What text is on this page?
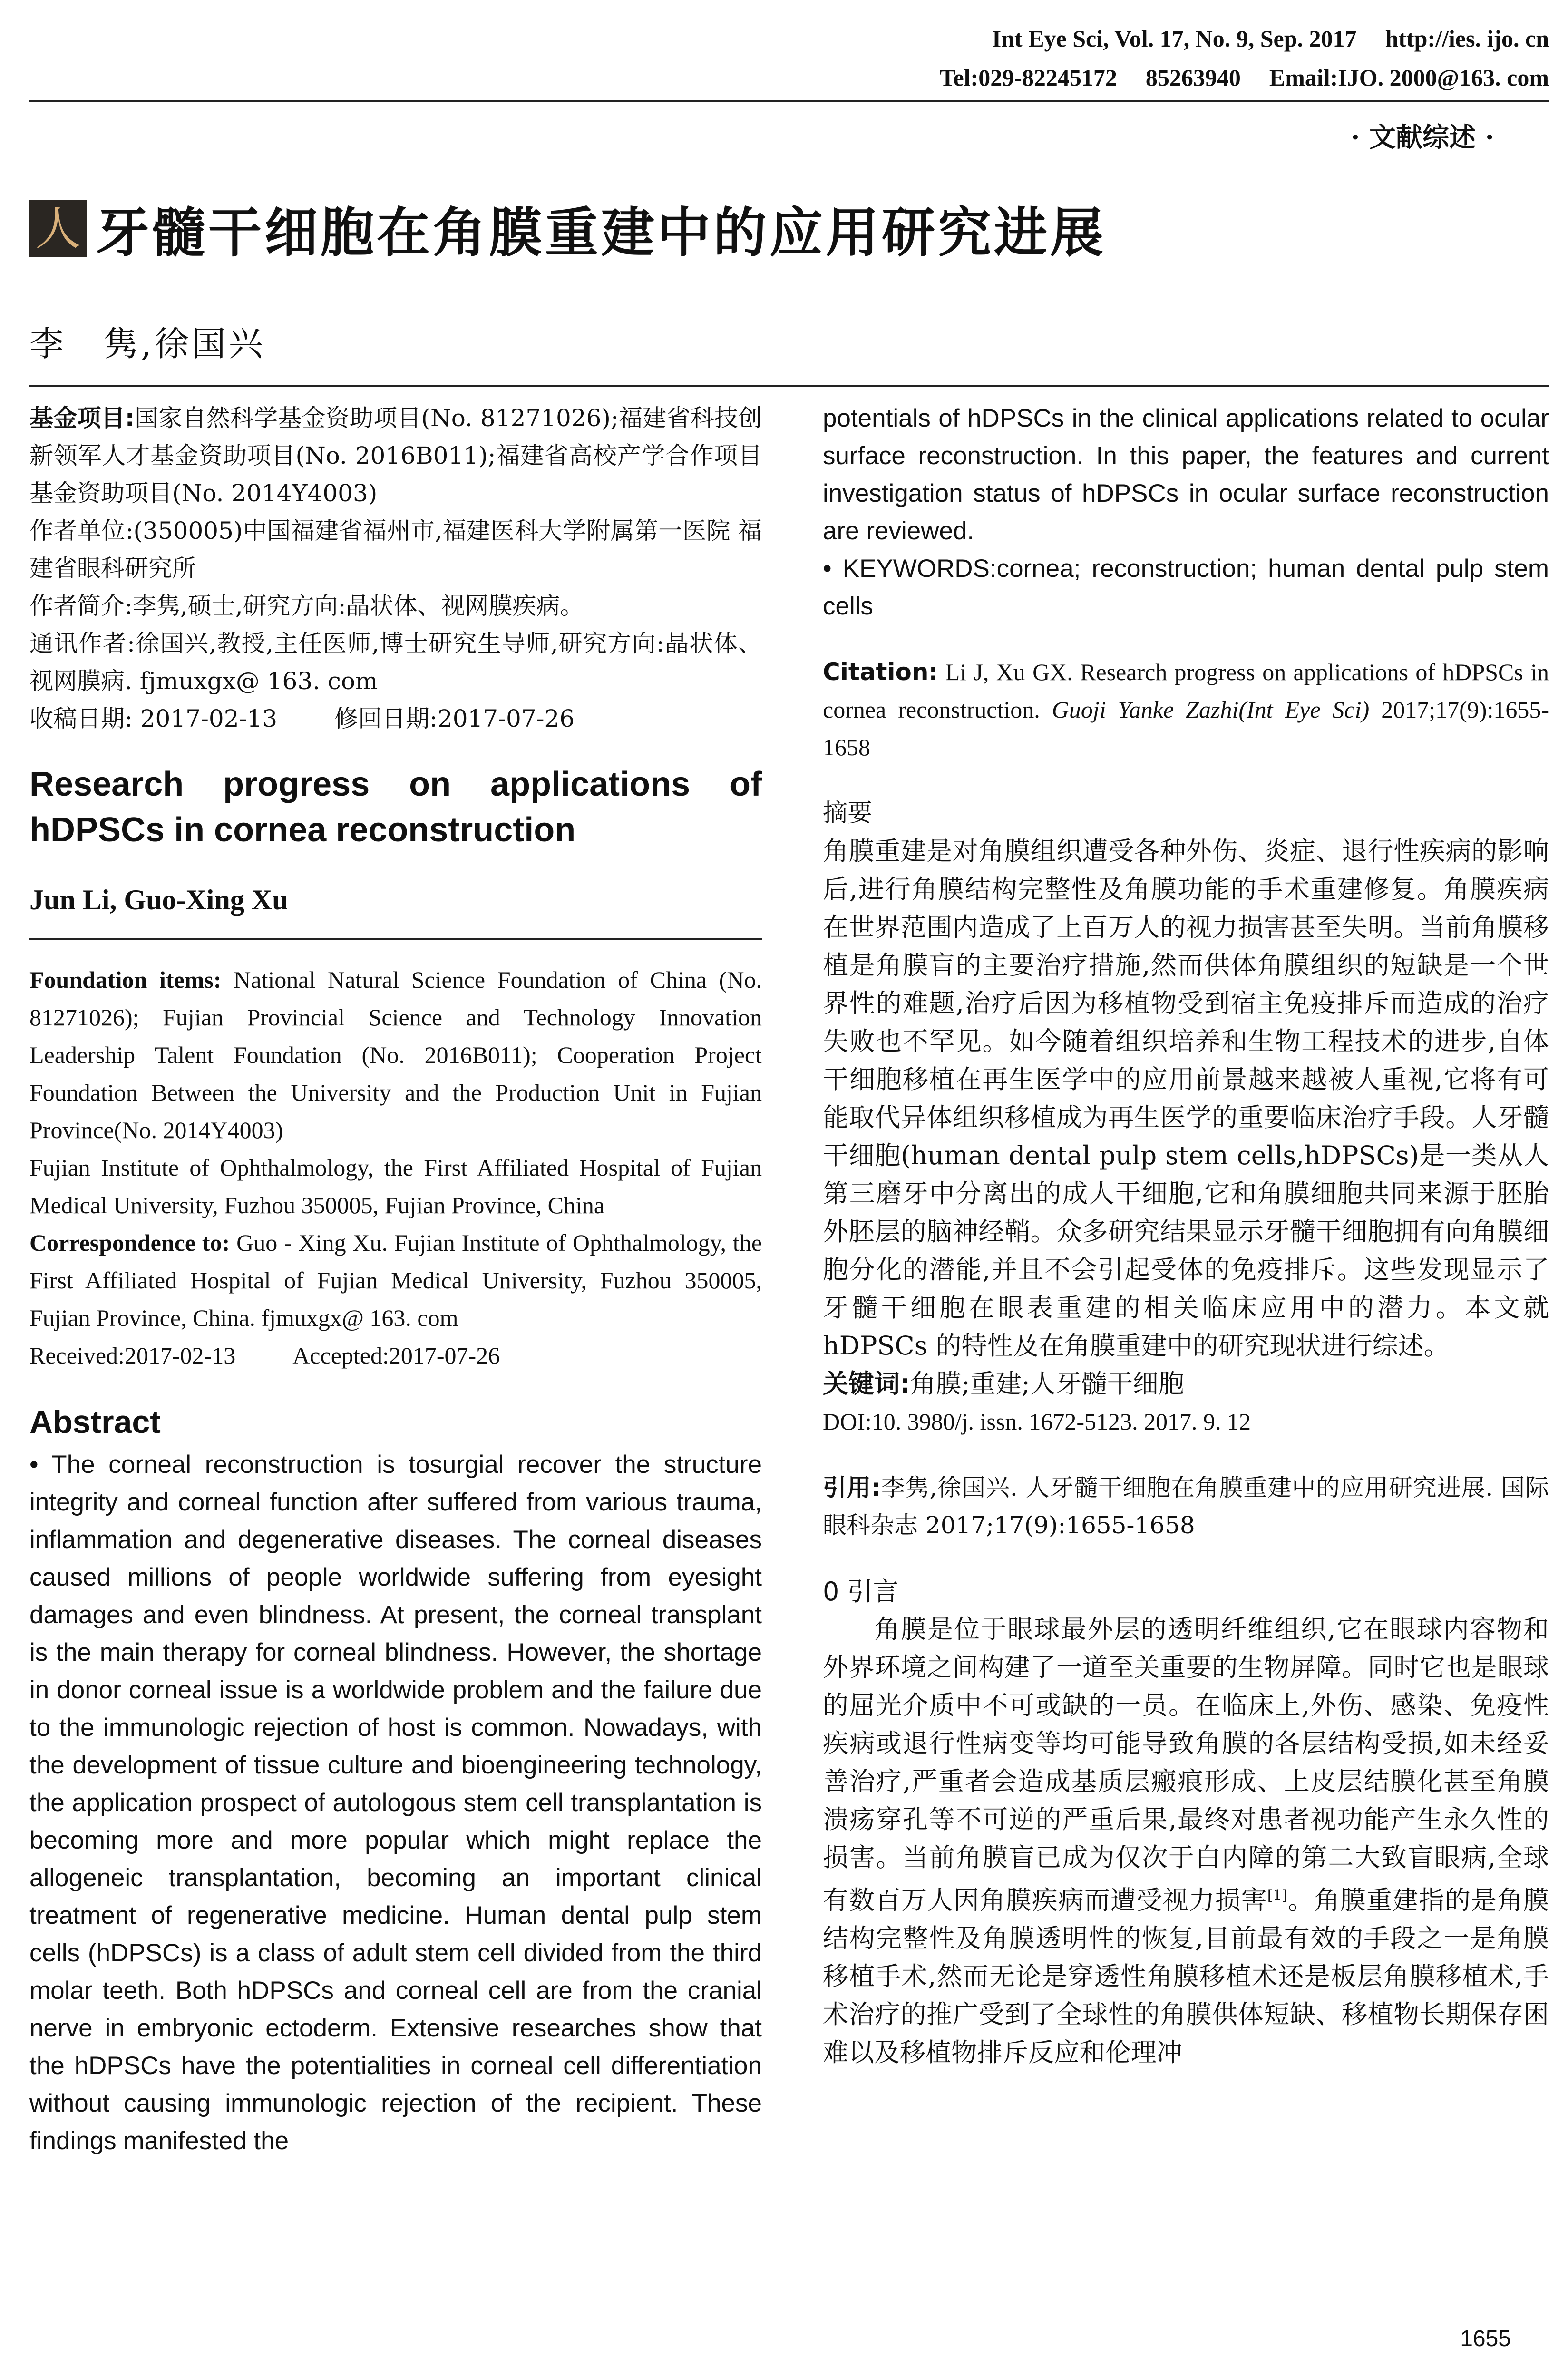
Int Eye Sci, Vol. 17, No. 9, Sep. 2017 http://ies. ijo. cn
Tel:029-82245172 85263940 Email:IJO. 2000@163. com
· 文献综述 ·
人 牙髓干细胞在角膜重建中的应用研究进展
李　隽,徐国兴

基金项目:国家自然科学基金资助项目(No. 81271026);福建省科技创新领军人才基金资助项目(No. 2016B011);福建省高校产学合作项目基金资助项目(No. 2014Y4003)

作者单位:(350005)中国福建省福州市,福建医科大学附属第一医院 福建省眼科研究所

作者简介:李隽,硕士,研究方向:晶状体、视网膜疾病。

通讯作者:徐国兴,教授,主任医师,博士研究生导师,研究方向:晶状体、视网膜病. fjmuxgx@ 163. com

收稿日期: 2017-02-13 修回日期:2017-07-26

Research progress on applications of hDPSCs in cornea reconstruction

Jun Li, Guo-Xing Xu

Foundation items: National Natural Science Foundation of China (No. 81271026); Fujian Provincial Science and Technology Innovation Leadership Talent Foundation (No. 2016B011); Cooperation Project Foundation Between the University and the Production Unit in Fujian Province(No. 2014Y4003)

Fujian Institute of Ophthalmology, the First Affiliated Hospital of Fujian Medical University, Fuzhou 350005, Fujian Province, China

Correspondence to: Guo - Xing Xu. Fujian Institute of Ophthalmology, the First Affiliated Hospital of Fujian Medical University, Fuzhou 350005, Fujian Province, China. fjmuxgx@ 163. com

Received:2017-02-13 Accepted:2017-07-26

Abstract

• The corneal reconstruction is tosurgial recover the structure integrity and corneal function after suffered from various trauma, inflammation and degenerative diseases. The corneal diseases caused millions of people worldwide suffering from eyesight damages and even blindness. At present, the corneal transplant is the main therapy for corneal blindness. However, the shortage in donor corneal issue is a worldwide problem and the failure due to the immunologic rejection of host is common. Nowadays, with the development of tissue culture and bioengineering technology, the application prospect of autologous stem cell transplantation is becoming more and more popular which might replace the allogeneic transplantation, becoming an important clinical treatment of regenerative medicine. Human dental pulp stem cells (hDPSCs) is a class of adult stem cell divided from the third molar teeth. Both hDPSCs and corneal cell are from the cranial nerve in embryonic ectoderm. Extensive researches show that the hDPSCs have the potentialities in corneal cell differentiation without causing immunologic rejection of the recipient. These findings manifested the

potentials of hDPSCs in the clinical applications related to ocular surface reconstruction. In this paper, the features and current investigation status of hDPSCs in ocular surface reconstruction are reviewed.

• KEYWORDS:cornea; reconstruction; human dental pulp stem cells

Citation: Li J, Xu GX. Research progress on applications of hDPSCs in cornea reconstruction. Guoji Yanke Zazhi(Int Eye Sci) 2017;17(9):1655-1658

摘要

角膜重建是对角膜组织遭受各种外伤、炎症、退行性疾病的影响后,进行角膜结构完整性及角膜功能的手术重建修复。角膜疾病在世界范围内造成了上百万人的视力损害甚至失明。当前角膜移植是角膜盲的主要治疗措施,然而供体角膜组织的短缺是一个世界性的难题,治疗后因为移植物受到宿主免疫排斥而造成的治疗失败也不罕见。如今随着组织培养和生物工程技术的进步,自体干细胞移植在再生医学中的应用前景越来越被人重视,它将有可能取代异体组织移植成为再生医学的重要临床治疗手段。人牙髓干细胞(human dental pulp stem cells,hDPSCs)是一类从人第三磨牙中分离出的成人干细胞,它和角膜细胞共同来源于胚胎外胚层的脑神经鞘。众多研究结果显示牙髓干细胞拥有向角膜细胞分化的潜能,并且不会引起受体的免疫排斥。这些发现显示了牙髓干细胞在眼表重建的相关临床应用中的潜力。本文就 hDPSCs 的特性及在角膜重建中的研究现状进行综述。

关键词:角膜;重建;人牙髓干细胞

DOI:10. 3980/j. issn. 1672-5123. 2017. 9. 12

引用:李隽,徐国兴. 人牙髓干细胞在角膜重建中的应用研究进展. 国际眼科杂志 2017;17(9):1655-1658

0 引言

角膜是位于眼球最外层的透明纤维组织,它在眼球内容物和外界环境之间构建了一道至关重要的生物屏障。同时它也是眼球的屈光介质中不可或缺的一员。在临床上,外伤、感染、免疫性疾病或退行性病变等均可能导致角膜的各层结构受损,如未经妥善治疗,严重者会造成基质层瘢痕形成、上皮层结膜化甚至角膜溃疡穿孔等不可逆的严重后果,最终对患者视功能产生永久性的损害。当前角膜盲已成为仅次于白内障的第二大致盲眼病,全球有数百万人因角膜疾病而遭受视力损害[1]。角膜重建指的是角膜结构完整性及角膜透明性的恢复,目前最有效的手段之一是角膜移植手术,然而无论是穿透性角膜移植术还是板层角膜移植术,手术治疗的推广受到了全球性的角膜供体短缺、移植物长期保存困难以及移植物排斥反应和伦理冲

1655
